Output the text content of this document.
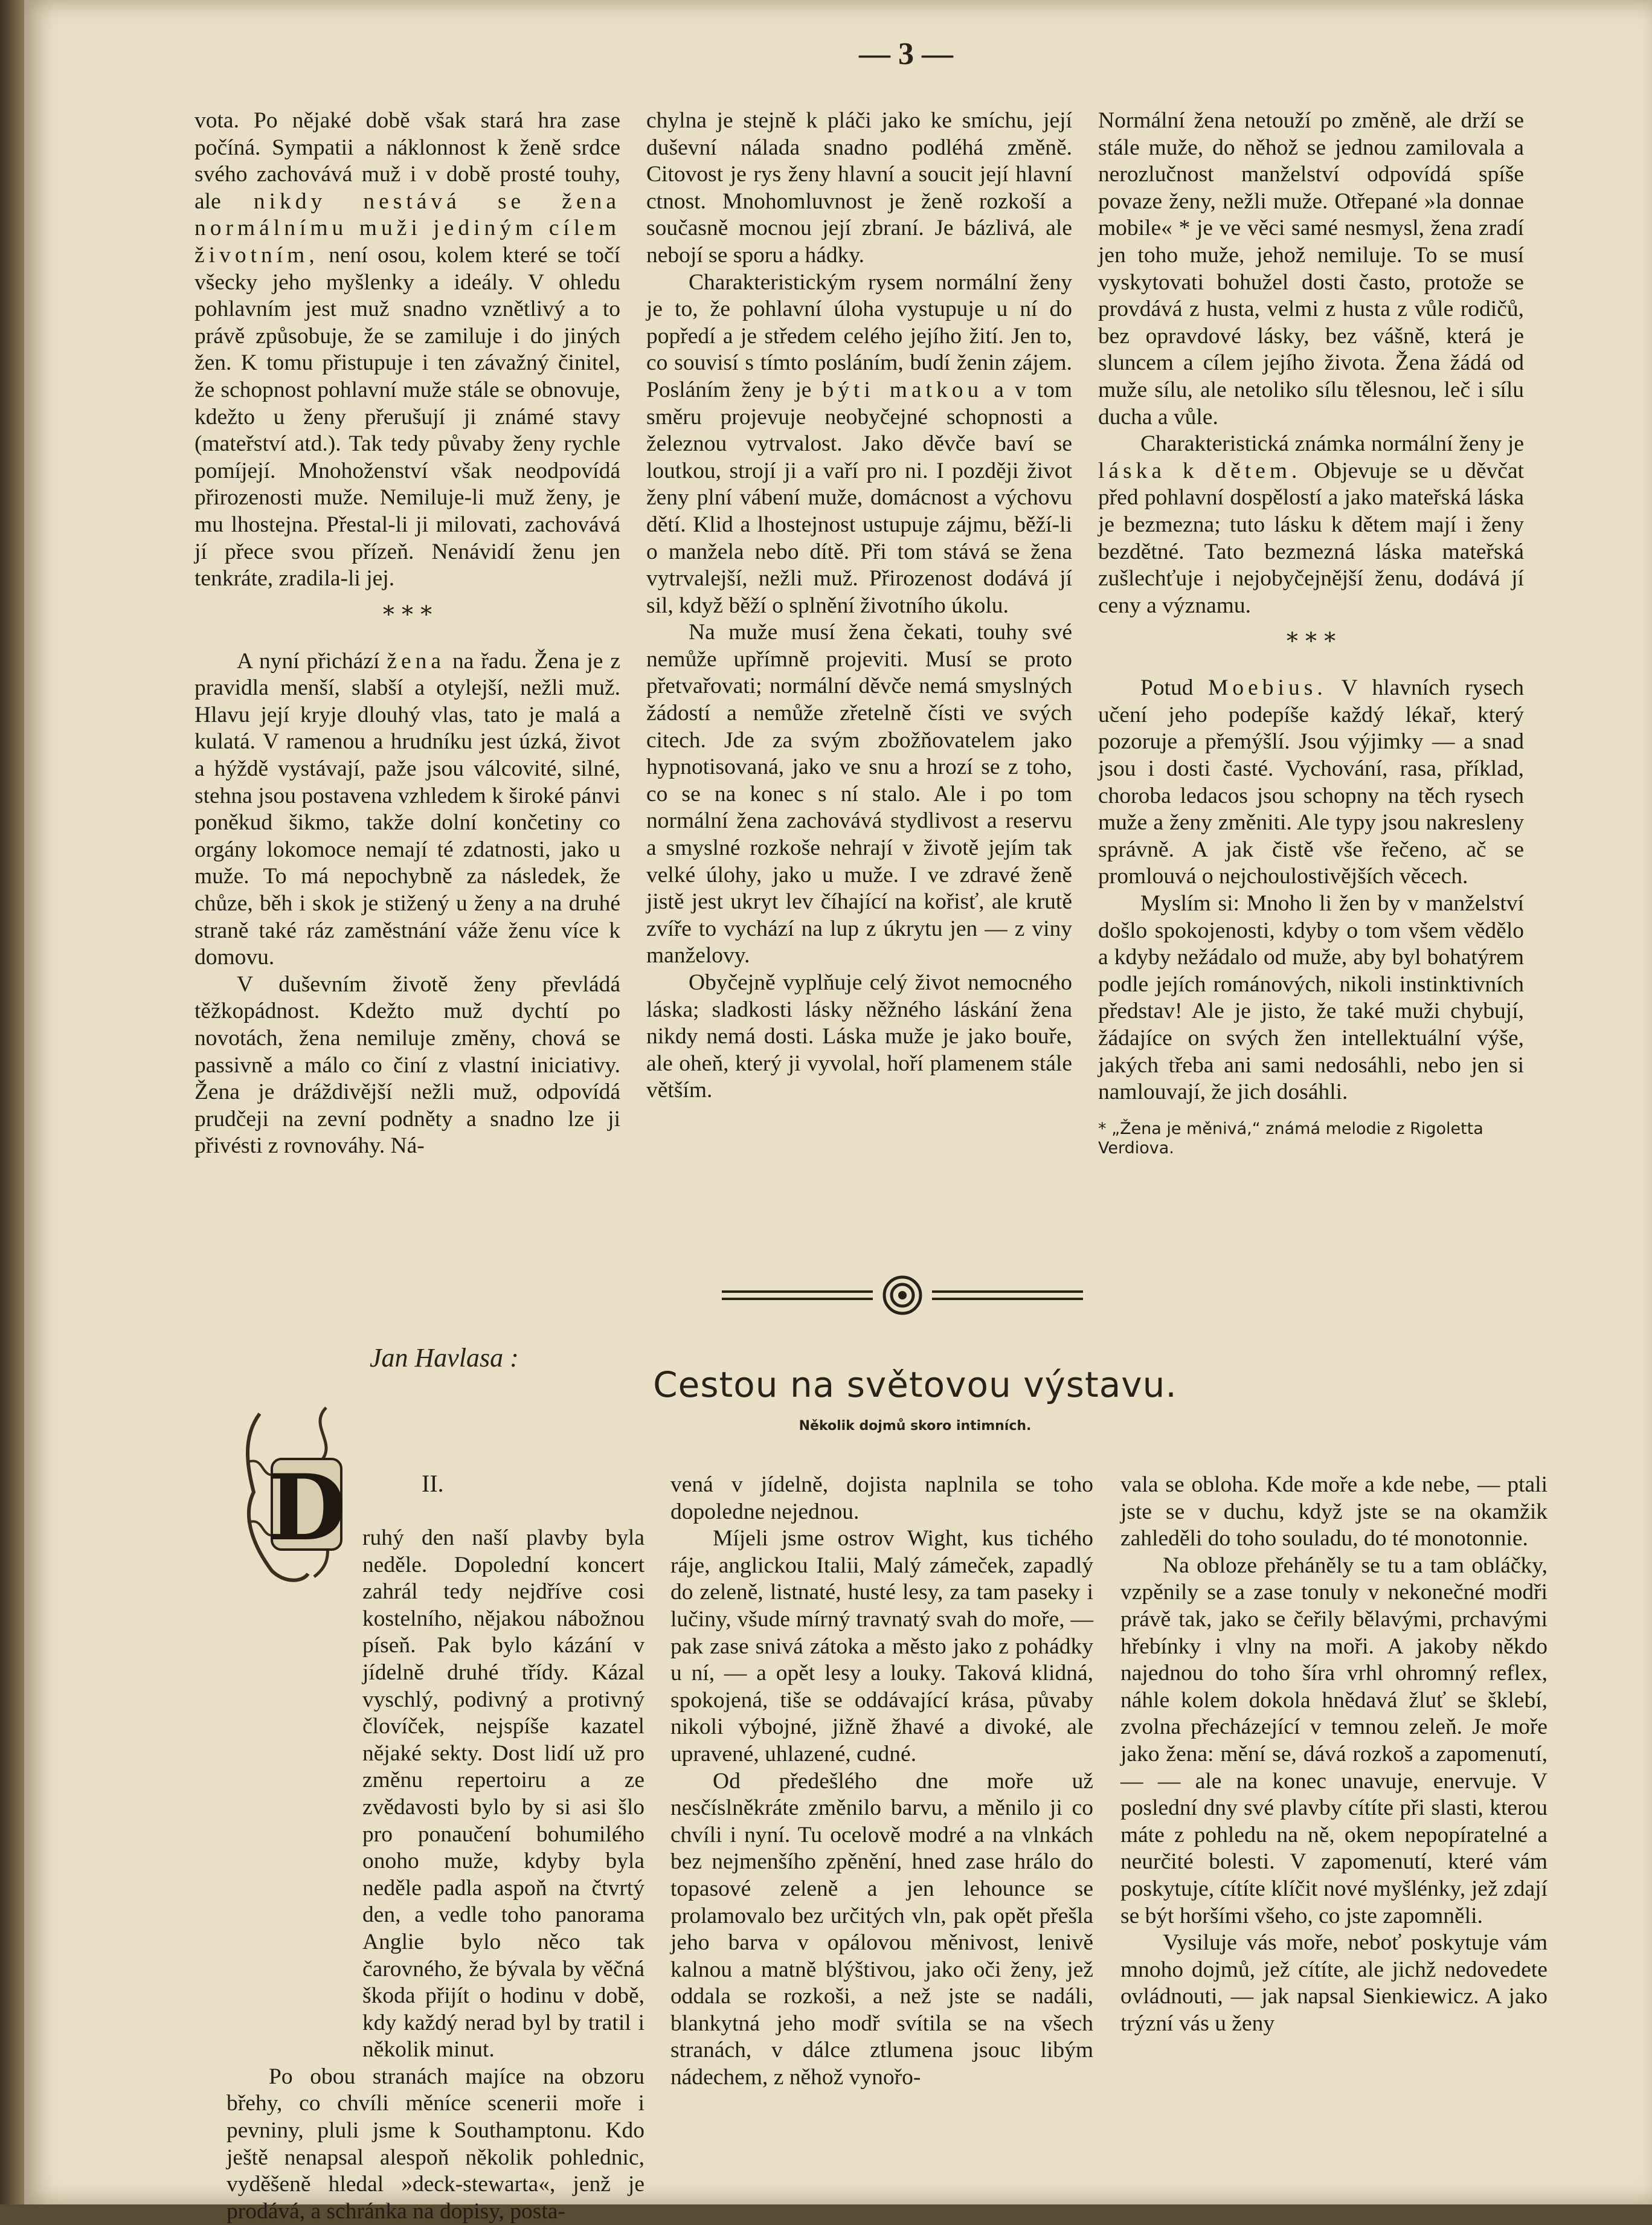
— 3 —

vota. Po nějaké době však stará hra zase počíná. Sympatii a náklonnost k ženě srdce svého zachovává muž i v době prosté touhy, ale nikdy nestává se žena normálnímu muži jediným cílem životním, není osou, kolem které se točí všecky jeho myšlenky a ideály. V ohledu pohlavním jest muž snadno vznětlivý a to právě způsobuje, že se zamiluje i do jiných žen. K tomu přistupuje i ten závažný činitel, že schopnost pohlavní muže stále se obnovuje, kdežto u ženy přerušují ji známé stavy (mateřství atd.). Tak tedy půvaby ženy rychle pomíjejí. Mnohoženství však neodpovídá přirozenosti muže. Nemiluje-li muž ženy, je mu lhostejna. Přestal-li ji milovati, zachovává jí přece svou přízeň. Nenávidí ženu jen tenkráte, zradila-li jej.

* * *

A nyní přichází žena na řadu. Žena je z pravidla menší, slabší a otylejší, nežli muž. Hlavu její kryje dlouhý vlas, tato je malá a kulatá. V ramenou a hrudníku jest úzká, život a hýždě vystávají, paže jsou válcovité, silné, stehna jsou postavena vzhledem k široké pánvi poněkud šikmo, takže dolní končetiny co orgány lokomoce nemají té zdatnosti, jako u muže. To má nepochybně za následek, že chůze, běh i skok je stižený u ženy a na druhé straně také ráz zaměstnání váže ženu více k domovu.

V duševním životě ženy převládá těžkopádnost. Kdežto muž dychtí po novotách, žena nemiluje změny, chová se passivně a málo co činí z vlastní iniciativy. Žena je dráždivější nežli muž, odpovídá prudčeji na zevní podněty a snadno lze ji přivésti z rovnováhy. Ná-

chylna je stejně k pláči jako ke smíchu, její duševní nálada snadno podléhá změně. Citovost je rys ženy hlavní a soucit její hlavní ctnost. Mnohomluvnost je ženě rozkoší a současně mocnou její zbraní. Je bázlivá, ale nebojí se sporu a hádky.

Charakteristickým rysem normální ženy je to, že pohlavní úloha vystupuje u ní do popředí a je středem celého jejího žití. Jen to, co souvisí s tímto posláním, budí ženin zájem. Posláním ženy je býti matkou a v tom směru projevuje neobyčejné schopnosti a železnou vytrvalost. Jako děvče baví se loutkou, strojí ji a vaří pro ni. I později život ženy plní vábení muže, domácnost a výchovu dětí. Klid a lhostejnost ustupuje zájmu, běží-li o manžela nebo dítě. Při tom stává se žena vytrvalejší, nežli muž. Přirozenost dodává jí sil, když běží o splnění životního úkolu.

Na muže musí žena čekati, touhy své nemůže upřímně projeviti. Musí se proto přetvařovati; normální děvče nemá smyslných žádostí a nemůže zřetelně čísti ve svých citech. Jde za svým zbožňovatelem jako hypnotisovaná, jako ve snu a hrozí se z toho, co se na konec s ní stalo. Ale i po tom normální žena zachovává stydlivost a reservu a smyslné rozkoše nehrají v životě jejím tak velké úlohy, jako u muže. I ve zdravé ženě jistě jest ukryt lev číhající na kořisť, ale krutě zvíře to vychází na lup z úkrytu jen — z viny manželovy.

Obyčejně vyplňuje celý život nemocného láska; sladkosti lásky něžného láskání žena nikdy nemá dosti. Láska muže je jako bouře, ale oheň, který ji vyvolal, hoří plamenem stále větším.

Normální žena netouží po změně, ale drží se stále muže, do něhož se jednou zamilovala a nerozlučnost manželství odpovídá spíše povaze ženy, nežli muže. Otřepané »la donnae mobile« * je ve věci samé nesmysl, žena zradí jen toho muže, jehož nemiluje. To se musí vyskytovati bohužel dosti často, protože se provdává z husta, velmi z husta z vůle rodičů, bez opravdové lásky, bez vášně, která je sluncem a cílem jejího života. Žena žádá od muže sílu, ale netoliko sílu tělesnou, leč i sílu ducha a vůle.

Charakteristická známka normální ženy je láska k dětem. Objevuje se u děvčat před pohlavní dospělostí a jako mateřská láska je bezmezna; tuto lásku k dětem mají i ženy bezdětné. Tato bezmezná láska mateřská zušlechťuje i nejobyčejnější ženu, dodává jí ceny a významu.

* * *

Potud Moebius. V hlavních rysech učení jeho podepíše každý lékař, který pozoruje a přemýšlí. Jsou výjimky — a snad jsou i dosti časté. Vychování, rasa, příklad, choroba ledacos jsou schopny na těch rysech muže a ženy změniti. Ale typy jsou nakresleny správně. A jak čistě vše řečeno, ač se promlouvá o nejchoulostivějších věcech.

Myslím si: Mnoho li žen by v manželství došlo spokojenosti, kdyby o tom všem vědělo a kdyby nežádalo od muže, aby byl bohatýrem podle jejích románových, nikoli instinktivních představ! Ale je jisto, že také muži chybují, žádajíce on svých žen intellektuální výše, jakých třeba ani sami nedosáhli, nebo jen si namlouvají, že jich dosáhli.

* „Žena je měnivá,“ známá melodie z Rigoletta Verdiova.
Jan Havlasa :
Cestou na světovou výstavu.
Několik dojmů skoro intimních.
D	II.

ruhý den naší plavby byla neděle. Dopolední koncert zahrál tedy nejdříve cosi kostelního, nějakou nábožnou píseň. Pak bylo kázání v jídelně druhé třídy. Kázal vyschlý, podivný a protivný človíček, nejspíše kazatel nějaké sekty. Dost lidí už pro změnu repertoiru a ze zvědavosti bylo by si asi šlo pro ponaučení bohumilého onoho muže, kdyby byla neděle padla aspoň na čtvrtý den, a vedle toho panorama Anglie bylo něco tak čarovného, že bývala by věčná škoda přijít o hodinu v době, kdy každý nerad byl by tratil i několik minut.

Po obou stranách majíce na obzoru břehy, co chvíli měníce scenerii moře i pevniny, pluli jsme k Southamptonu. Kdo ještě nenapsal alespoň několik pohlednic, vyděšeně hledal »deck-stewarta«, jenž je prodává, a schránka na dopisy, posta-

vená v jídelně, dojista naplnila se toho dopoledne nejednou.

Míjeli jsme ostrov Wight, kus tichého ráje, anglickou Italii, Malý zámeček, zapadlý do zeleně, listnaté, husté lesy, za tam paseky i lučiny, všude mírný travnatý svah do moře, — pak zase snivá zátoka a město jako z pohádky u ní, — a opět lesy a louky. Taková klidná, spokojená, tiše se oddávající krása, půvaby nikoli výbojné, jižně žhavé a divoké, ale upravené, uhlazené, cudné.

Od předešlého dne moře už nesčíslněkráte změnilo barvu, a měnilo ji co chvíli i nyní. Tu ocelově modré a na vlnkách bez nejmenšího zpěnění, hned zase hrálo do topasové zeleně a jen lehounce se prolamovalo bez určitých vln, pak opět přešla jeho barva v opálovou měnivost, lenivě kalnou a matně blýštivou, jako oči ženy, jež oddala se rozkoši, a než jste se nadáli, blankytná jeho modř svítila se na všech stranách, v dálce ztlumena jsouc libým nádechem, z něhož vynořo-

vala se obloha. Kde moře a kde nebe, — ptali jste se v duchu, když jste se na okamžik zahleděli do toho souladu, do té monotonnie.

Na obloze přeháněly se tu a tam obláčky, vzpěnily se a zase tonuly v nekonečné modři právě tak, jako se čeřily bělavými, prchavými hřebínky i vlny na moři. A jakoby někdo najednou do toho šíra vrhl ohromný reflex, náhle kolem dokola hnědavá žluť se šklebí, zvolna přecházející v temnou zeleň. Je moře jako žena: mění se, dává rozkoš a zapomenutí, — — ale na konec unavuje, enervuje. V poslední dny své plavby cítíte při slasti, kterou máte z pohledu na ně, okem nepopíratelné a neurčité bolesti. V zapomenutí, které vám poskytuje, cítíte klíčit nové myšlénky, jež zdají se být horšími všeho, co jste zapomněli.

Vysiluje vás moře, neboť poskytuje vám mnoho dojmů, jež cítíte, ale jichž nedovedete ovládnouti, — jak napsal Sienkiewicz. A jako trýzní vás u ženy
